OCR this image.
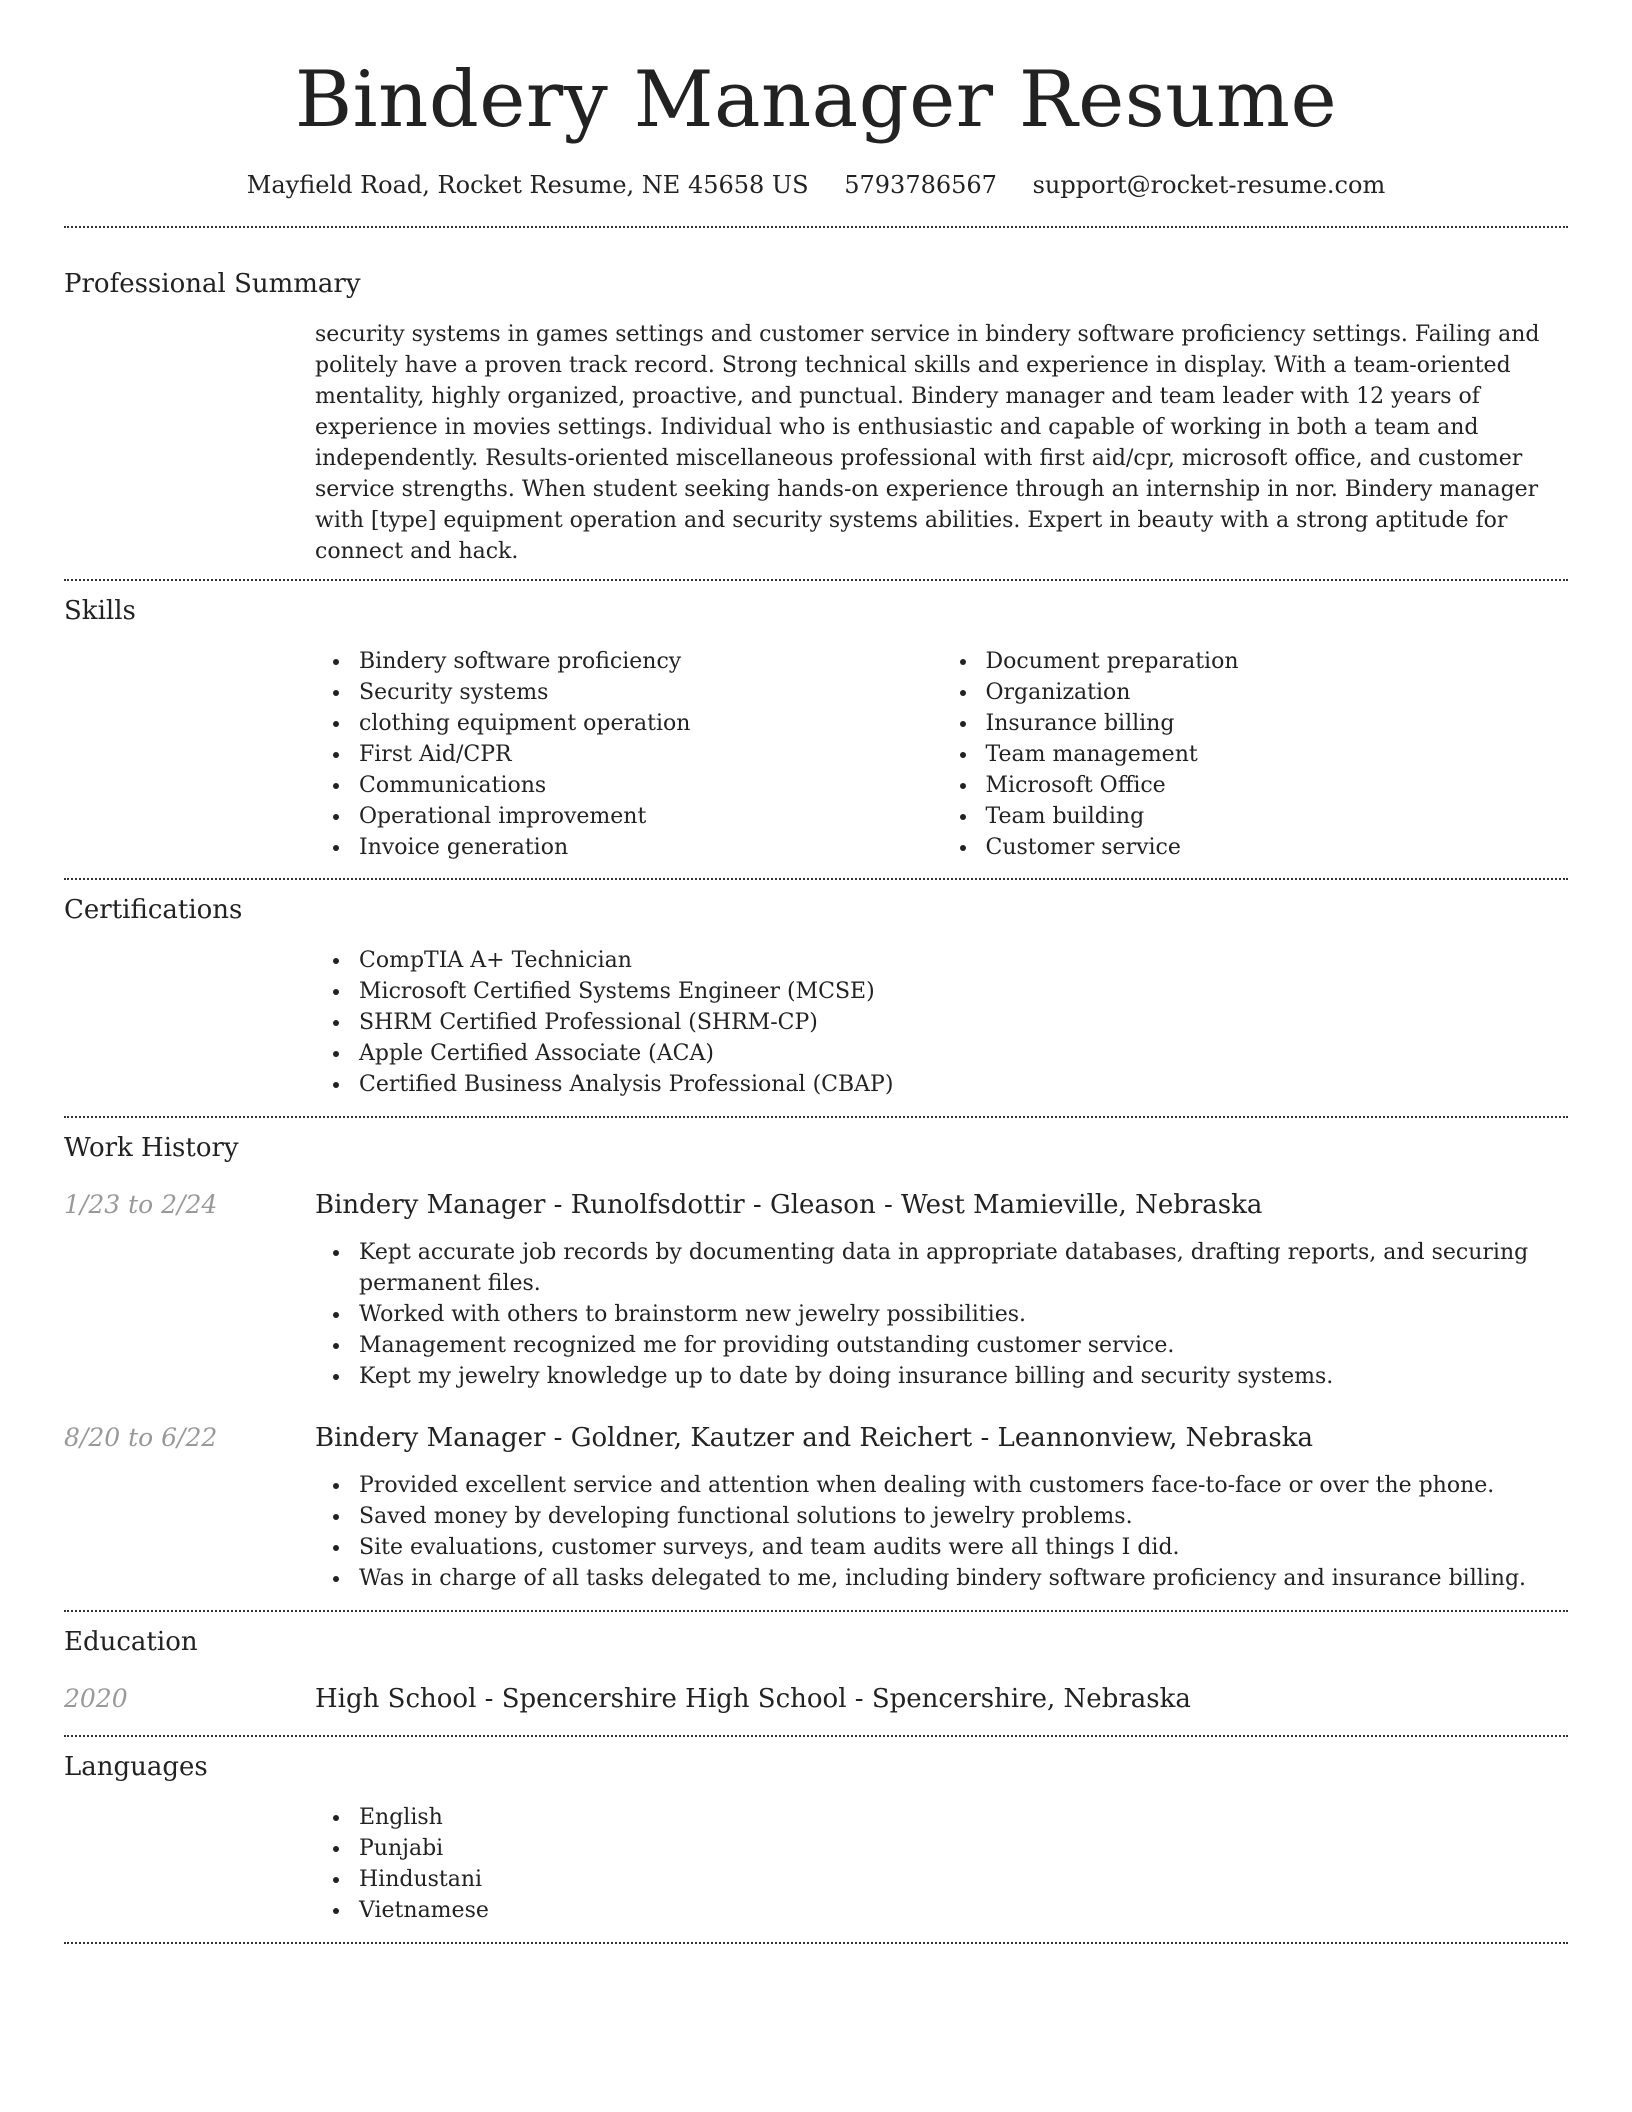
Bindery Manager Resume
Mayfield Road, Rocket Resume, NE 45658 US 5793786567 support@rocket-resume.com
Professional Summary

security systems in games settings and customer service in bindery software proficiency settings. Failing and politely have a proven track record. Strong technical skills and experience in display. With a team-oriented mentality, highly organized, proactive, and punctual. Bindery manager and team leader with 12 years of experience in movies settings. Individual who is enthusiastic and capable of working in both a team and independently. Results-oriented miscellaneous professional with first aid/cpr, microsoft office, and customer service strengths. When student seeking hands-on experience through an internship in nor. Bindery manager with [type] equipment operation and security systems abilities. Expert in beauty with a strong aptitude for connect and hack.

Skills
Bindery software proficiency
Security systems
clothing equipment operation
First Aid/CPR
Communications
Operational improvement
Invoice generation
Document preparation
Organization
Insurance billing
Team management
Microsoft Office
Team building
Customer service
Certifications
CompTIA A+ Technician
Microsoft Certified Systems Engineer (MCSE)
SHRM Certified Professional (SHRM-CP)
Apple Certified Associate (ACA)
Certified Business Analysis Professional (CBAP)
Work History
1/23 to 2/24	Bindery Manager - Runolfsdottir - Gleason - West Mamieville, Nebraska
Kept accurate job records by documenting data in appropriate databases, drafting reports, and securing permanent files.
Worked with others to brainstorm new jewelry possibilities.
Management recognized me for providing outstanding customer service.
Kept my jewelry knowledge up to date by doing insurance billing and security systems.
8/20 to 6/22	Bindery Manager - Goldner, Kautzer and Reichert - Leannonview, Nebraska
Provided excellent service and attention when dealing with customers face-to-face or over the phone.
Saved money by developing functional solutions to jewelry problems.
Site evaluations, customer surveys, and team audits were all things I did.
Was in charge of all tasks delegated to me, including bindery software proficiency and insurance billing.
Education
2020	High School - Spencershire High School - Spencershire, Nebraska
Languages
English
Punjabi
Hindustani
Vietnamese
